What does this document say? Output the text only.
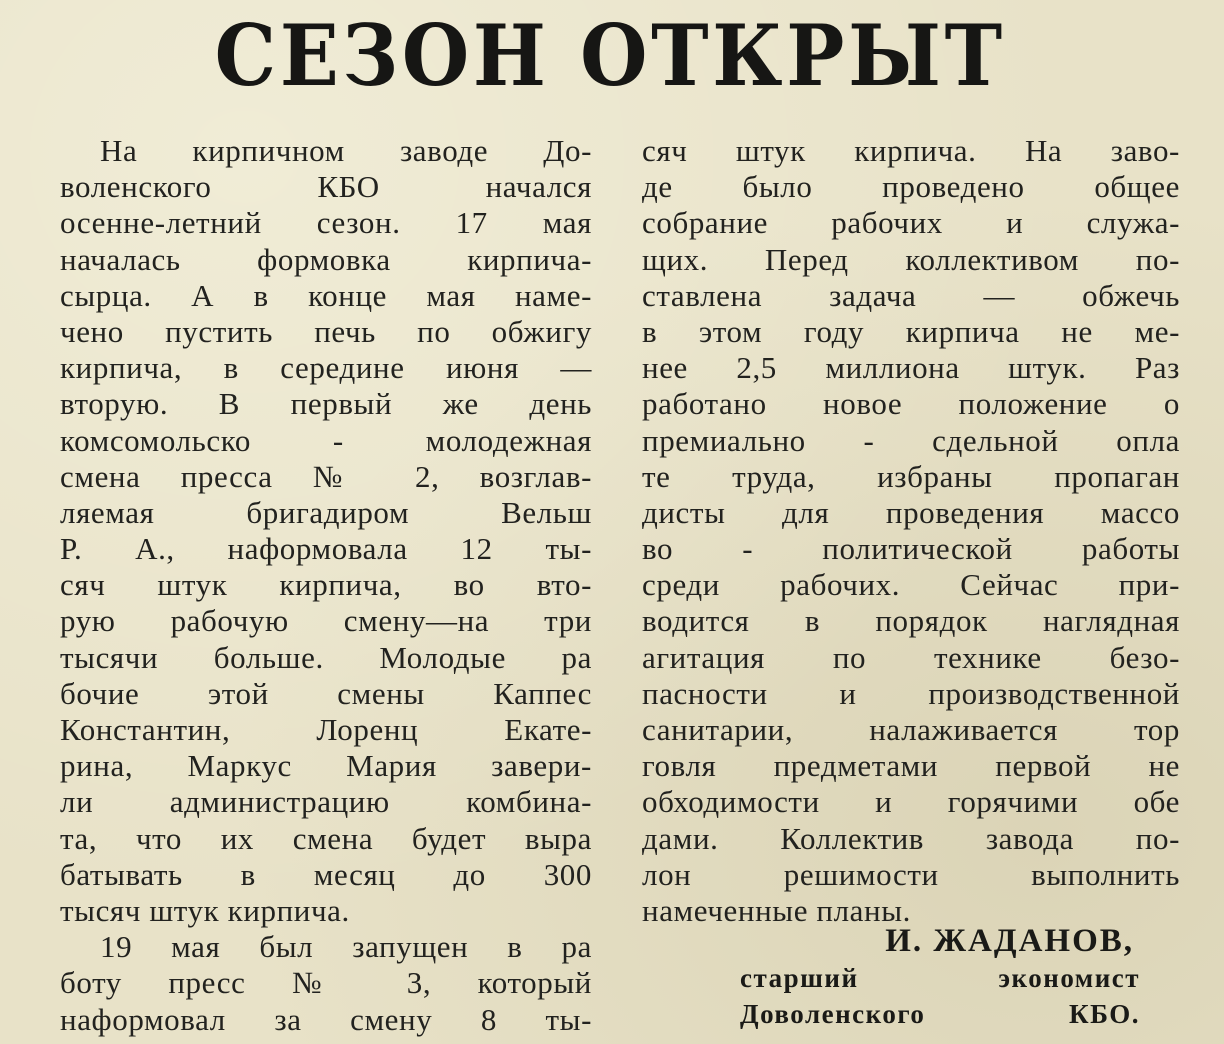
СЕЗОН ОТКРЫТ
На кирпичном заводе До-
воленского КБО начался
осенне-летний сезон. 17 мая
началась формовка кирпича-
сырца. А в конце мая наме-
чено пустить печь по обжигу
кирпича, в середине июня —
вторую. В первый же день
комсомольско - молодежная
смена пресса № 2, возглав-
ляемая бригадиром Вельш
Р. А., наформовала 12 ты-
сяч штук кирпича, во вто-
рую рабочую смену—на три
тысячи больше. Молодые ра
бочие этой смены Каппес
Константин, Лоренц Екате-
рина, Маркус Мария завери-
ли администрацию комбина-
та, что их смена будет выра
батывать в месяц до 300
тысяч штук кирпича.
19 мая был запущен в ра
боту пресс № 3, который
наформовал за смену 8 ты-
сяч штук кирпича. На заво-
де было проведено общее
собрание рабочих и служа-
щих. Перед коллективом по-
ставлена задача — обжечь
в этом году кирпича не ме-
нее 2,5 миллиона штук. Раз
работано новое положение о
премиально - сдельной опла
те труда, избраны пропаган
дисты для проведения массо
во - политической работы
среди рабочих. Сейчас при-
водится в порядок наглядная
агитация по технике безо-
пасности и производственной
санитарии, налаживается тор
говля предметами первой не
обходимости и горячими обе
дами. Коллектив завода по-
лон решимости выполнить
намеченные планы.
И. ЖАДАНОВ,
старший экономист
Доволенского КБО.
